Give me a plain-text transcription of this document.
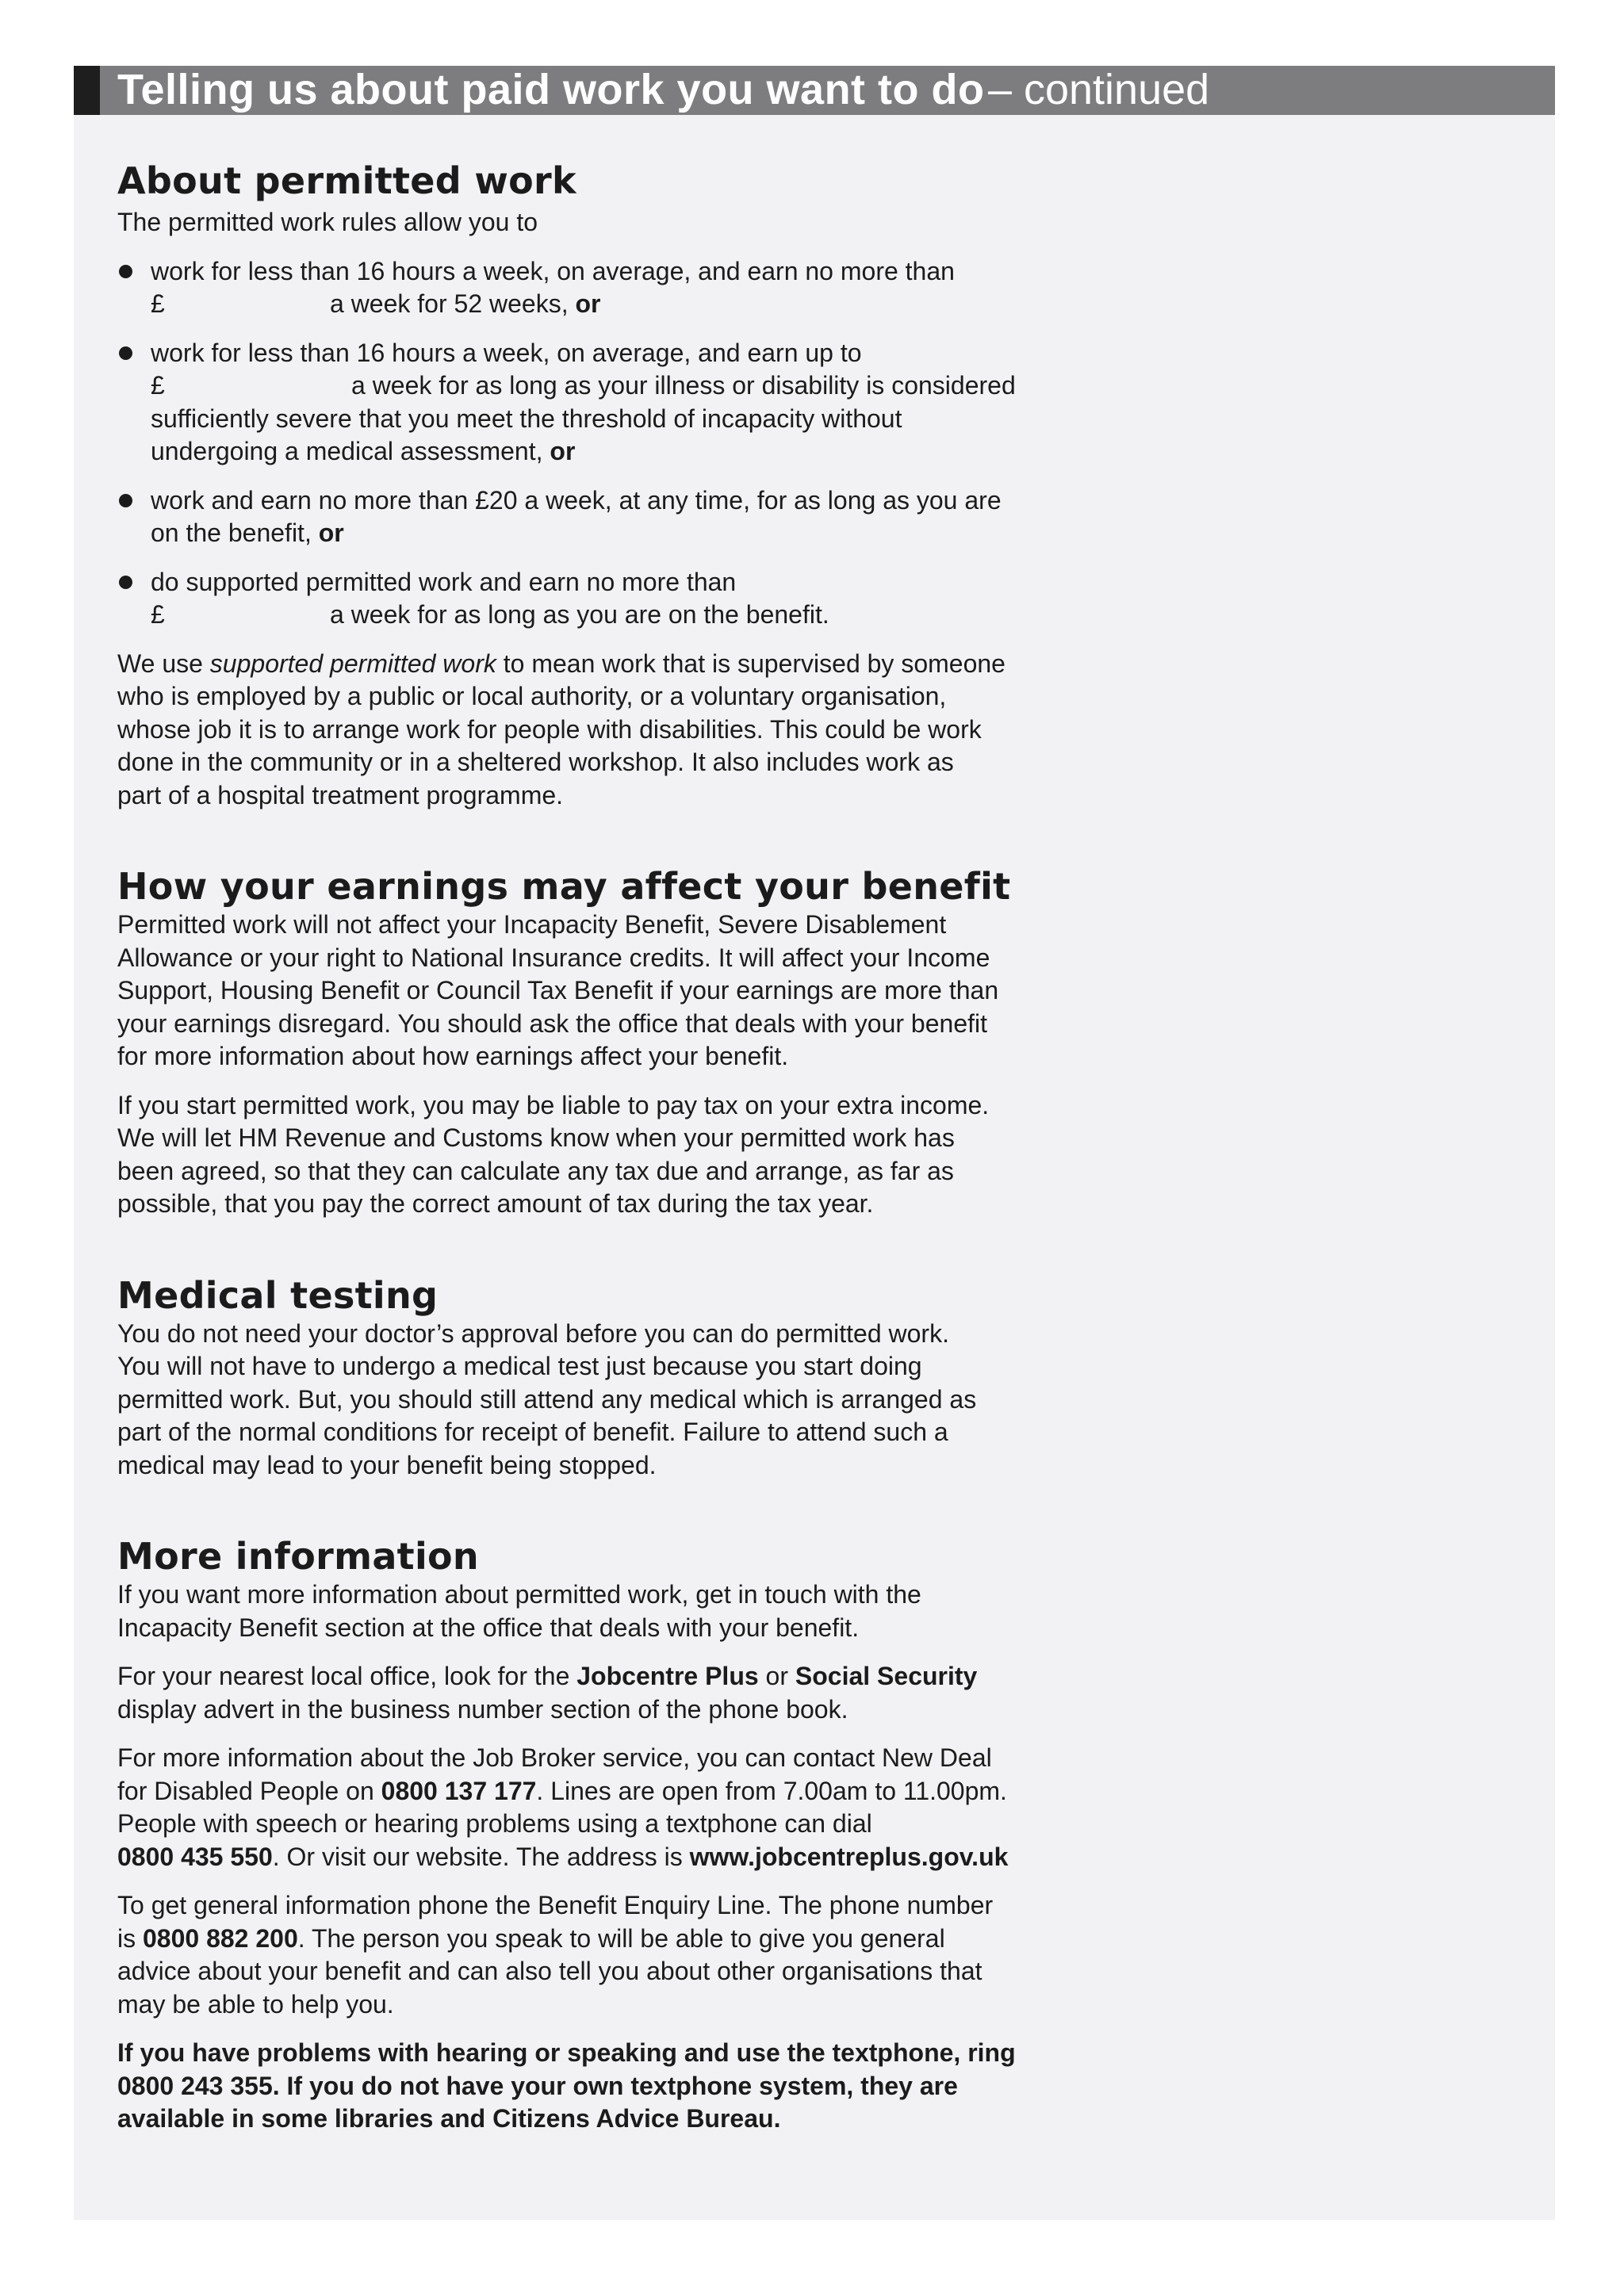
Telling us about paid work you want to do – continued
About permitted work

The permitted work rules allow you to

work for less than 16 hours a week, on average, and earn no more than
£	a week for 52 weeks, or
work for less than 16 hours a week, on average, and earn up to
£	a week for as long as your illness or disability is considered
sufficiently severe that you meet the threshold of incapacity without
undergoing a medical assessment, or
work and earn no more than £20 a week, at any time, for as long as you are
on the benefit, or
do supported permitted work and earn no more than
£	a week for as long as you are on the benefit.

We use supported permitted work to mean work that is supervised by someone
who is employed by a public or local authority, or a voluntary organisation,
whose job it is to arrange work for people with disabilities. This could be work
done in the community or in a sheltered workshop. It also includes work as
part of a hospital treatment programme.

How your earnings may affect your benefit

Permitted work will not affect your Incapacity Benefit, Severe Disablement
Allowance or your right to National Insurance credits. It will affect your Income
Support, Housing Benefit or Council Tax Benefit if your earnings are more than
your earnings disregard. You should ask the office that deals with your benefit
for more information about how earnings affect your benefit.

If you start permitted work, you may be liable to pay tax on your extra income.
We will let HM Revenue and Customs know when your permitted work has
been agreed, so that they can calculate any tax due and arrange, as far as
possible, that you pay the correct amount of tax during the tax year.

Medical testing

You do not need your doctor’s approval before you can do permitted work.
You will not have to undergo a medical test just because you start doing
permitted work. But, you should still attend any medical which is arranged as
part of the normal conditions for receipt of benefit. Failure to attend such a
medical may lead to your benefit being stopped.

More information

If you want more information about permitted work, get in touch with the
Incapacity Benefit section at the office that deals with your benefit.

For your nearest local office, look for the Jobcentre Plus or Social Security
display advert in the business number section of the phone book.

For more information about the Job Broker service, you can contact New Deal
for Disabled People on 0800 137 177. Lines are open from 7.00am to 11.00pm.
People with speech or hearing problems using a textphone can dial
0800 435 550. Or visit our website. The address is www.jobcentreplus.gov.uk

To get general information phone the Benefit Enquiry Line. The phone number
is 0800 882 200. The person you speak to will be able to give you general
advice about your benefit and can also tell you about other organisations that
may be able to help you.

If you have problems with hearing or speaking and use the textphone, ring
0800 243 355. If you do not have your own textphone system, they are
available in some libraries and Citizens Advice Bureau.
